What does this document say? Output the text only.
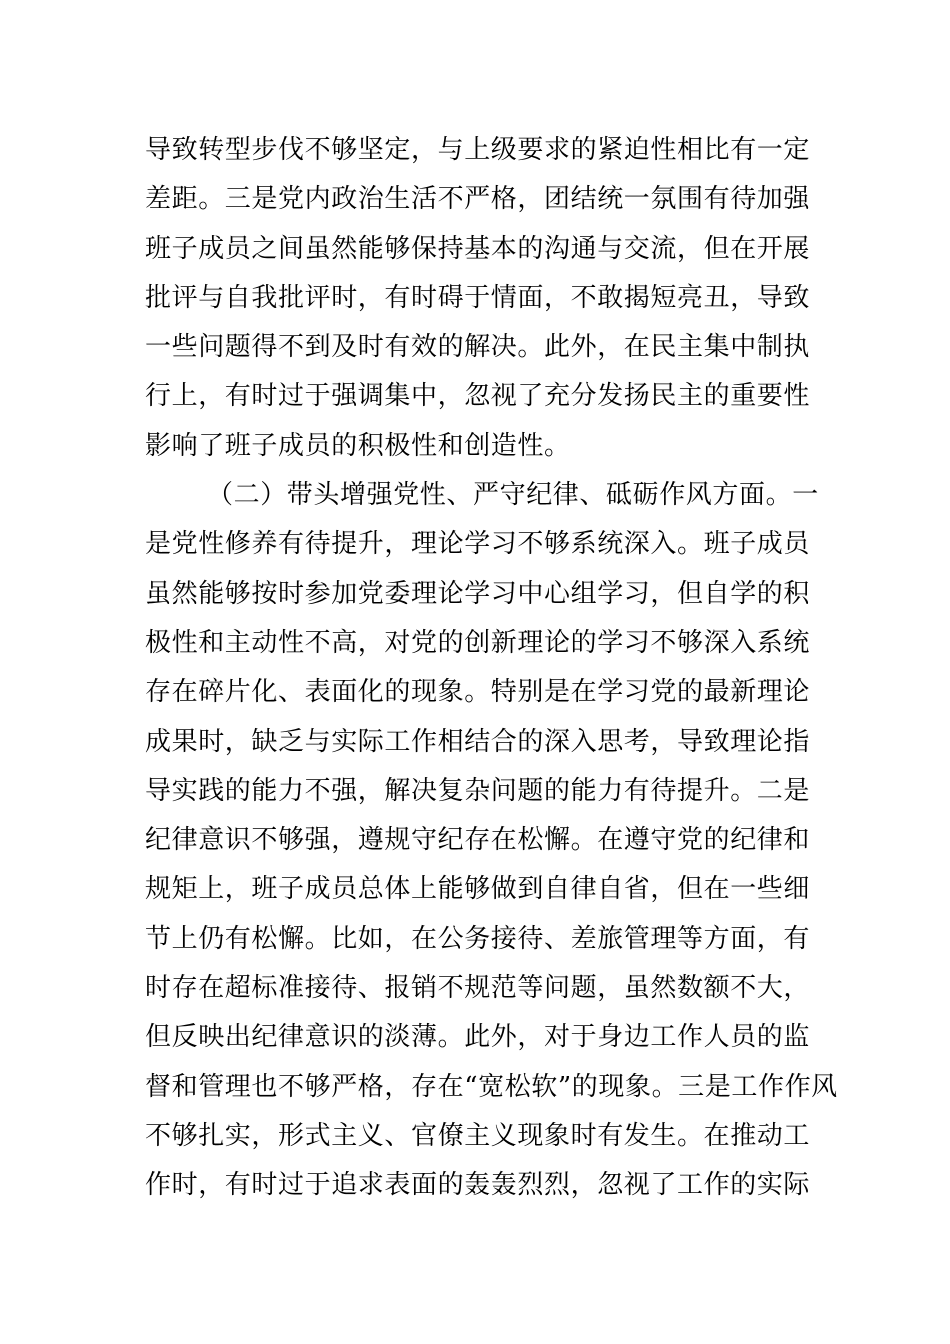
导致转型步伐不够坚定，与上级要求的紧迫性相比有一定
差距。三是党内政治生活不严格，团结统一氛围有待加强
班子成员之间虽然能够保持基本的沟通与交流，但在开展
批评与自我批评时，有时碍于情面，不敢揭短亮丑，导致
一些问题得不到及时有效的解决。此外，在民主集中制执
行上，有时过于强调集中，忽视了充分发扬民主的重要性
影响了班子成员的积极性和创造性。
（二）带头增强党性、严守纪律、砥砺作风方面。一
是党性修养有待提升，理论学习不够系统深入。班子成员
虽然能够按时参加党委理论学习中心组学习，但自学的积
极性和主动性不高，对党的创新理论的学习不够深入系统
存在碎片化、表面化的现象。特别是在学习党的最新理论
成果时，缺乏与实际工作相结合的深入思考，导致理论指
导实践的能力不强，解决复杂问题的能力有待提升。二是
纪律意识不够强，遵规守纪存在松懈。在遵守党的纪律和
规矩上，班子成员总体上能够做到自律自省，但在一些细
节上仍有松懈。比如，在公务接待、差旅管理等方面，有
时存在超标准接待、报销不规范等问题，虽然数额不大，
但反映出纪律意识的淡薄。此外，对于身边工作人员的监
督和管理也不够严格，存在“宽松软”的现象。三是工作作风
不够扎实，形式主义、官僚主义现象时有发生。在推动工
作时，有时过于追求表面的轰轰烈烈，忽视了工作的实际
